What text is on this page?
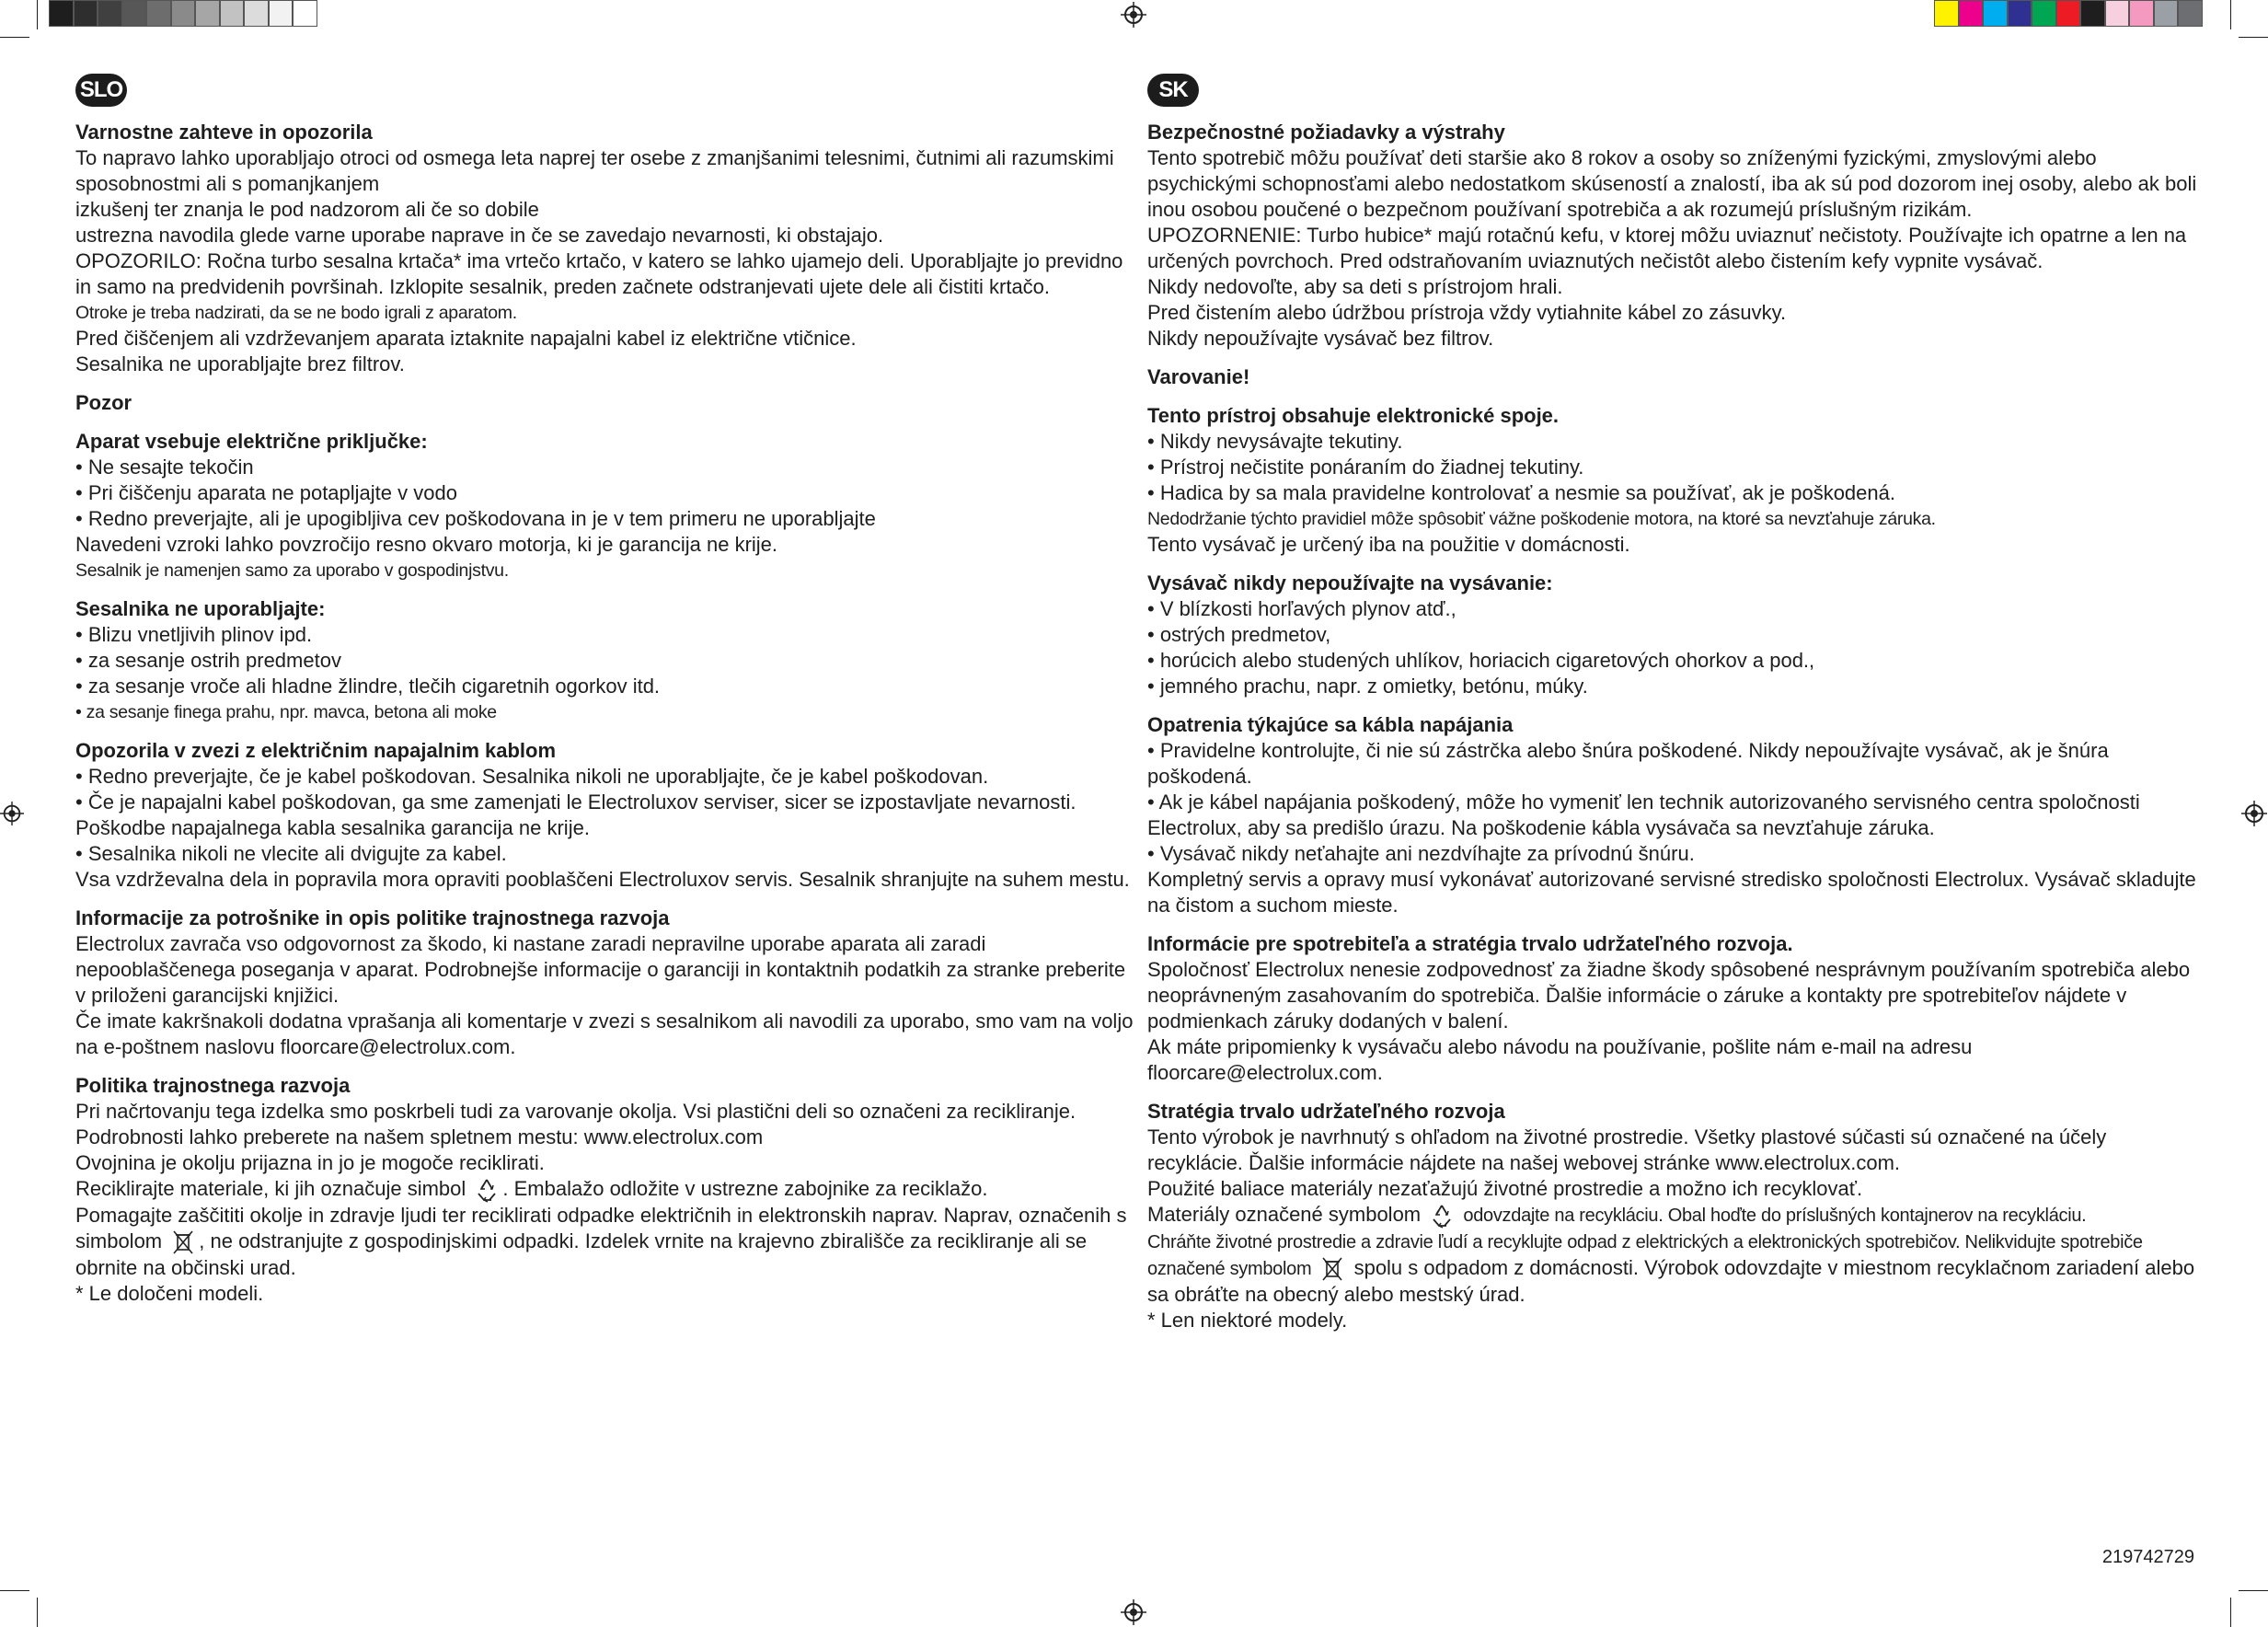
SLO

Varnostne zahteve in opozorila

To napravo lahko uporabljajo otroci od osmega leta naprej ter osebe z zmanjšanimi telesnimi, čutnimi ali razumskimi sposobnostmi ali s pomanjkanjem

izkušenj ter znanja le pod nadzorom ali če so dobile

ustrezna navodila glede varne uporabe naprave in če se zavedajo nevarnosti, ki obstajajo.

OPOZORILO: Ročna turbo sesalna krtača* ima vrtečo krtačo, v katero se lahko ujamejo deli. Uporabljajte jo previdno in samo na predvidenih površinah. Izklopite sesalnik, preden začnete odstranjevati ujete dele ali čistiti krtačo.

Otroke je treba nadzirati, da se ne bodo igrali z aparatom.

Pred čiščenjem ali vzdrževanjem aparata iztaknite napajalni kabel iz električne vtičnice.

Sesalnika ne uporabljajte brez filtrov.

Pozor

Aparat vsebuje električne priključke:

• Ne sesajte tekočin

• Pri čiščenju aparata ne potapljajte v vodo

• Redno preverjajte, ali je upogibljiva cev poškodovana in je v tem primeru ne uporabljajte

Navedeni vzroki lahko povzročijo resno okvaro motorja, ki je garancija ne krije.

Sesalnik je namenjen samo za uporabo v gospodinjstvu.

Sesalnika ne uporabljajte:

• Blizu vnetljivih plinov ipd.

• za sesanje ostrih predmetov

• za sesanje vroče ali hladne žlindre, tlečih cigaretnih ogorkov itd.

• za sesanje finega prahu, npr. mavca, betona ali moke

Opozorila v zvezi z električnim napajalnim kablom

• Redno preverjajte, če je kabel poškodovan. Sesalnika nikoli ne uporabljajte, če je kabel poškodovan.

• Če je napajalni kabel poškodovan, ga sme zamenjati le Electroluxov serviser, sicer se izpostavljate nevarnosti. Poškodbe napajalnega kabla sesalnika garancija ne krije.

• Sesalnika nikoli ne vlecite ali dvigujte za kabel.

Vsa vzdrževalna dela in popravila mora opraviti pooblaščeni Electroluxov servis. Sesalnik shranjujte na suhem mestu.

Informacije za potrošnike in opis politike trajnostnega razvoja

Electrolux zavrača vso odgovornost za škodo, ki nastane zaradi nepravilne uporabe aparata ali zaradi nepooblaščenega poseganja v aparat. Podrobnejše informacije o garanciji in kontaktnih podatkih za stranke preberite v priloženi garancijski knjižici.

Če imate kakršnakoli dodatna vprašanja ali komentarje v zvezi s sesalnikom ali navodili za uporabo, smo vam na voljo na e-poštnem naslovu floorcare@electrolux.com.

Politika trajnostnega razvoja

Pri načrtovanju tega izdelka smo poskrbeli tudi za varovanje okolja. Vsi plastični deli so označeni za recikliranje. Podrobnosti lahko preberete na našem spletnem mestu: www.electrolux.com

Ovojnina je okolju prijazna in jo je mogoče reciklirati.

Reciklirajte materiale, ki jih označuje simbol . Embalažo odložite v ustrezne zabojnike za reciklažo.

Pomagajte zaščititi okolje in zdravje ljudi ter reciklirati odpadke električnih in elektronskih naprav. Naprav, označenih s simbolom , ne odstranjujte z gospodinjskimi odpadki. Izdelek vrnite na krajevno zbirališče za recikliranje ali se obrnite na občinski urad.

* Le določeni modeli.

SK

Bezpečnostné požiadavky a výstrahy

Tento spotrebič môžu používať deti staršie ako 8 rokov a osoby so zníženými fyzickými, zmyslovými alebo psychickými schopnosťami alebo nedostatkom skúseností a znalostí, iba ak sú pod dozorom inej osoby, alebo ak boli inou osobou poučené o bezpečnom používaní spotrebiča a ak rozumejú príslušným rizikám.

UPOZORNENIE: Turbo hubice* majú rotačnú kefu, v ktorej môžu uviaznuť nečistoty. Používajte ich opatrne a len na určených povrchoch. Pred odstraňovaním uviaznutých nečistôt alebo čistením kefy vypnite vysávač.

Nikdy nedovoľte, aby sa deti s prístrojom hrali.

Pred čistením alebo údržbou prístroja vždy vytiahnite kábel zo zásuvky.

Nikdy nepoužívajte vysávač bez filtrov.

Varovanie!

Tento prístroj obsahuje elektronické spoje.

• Nikdy nevysávajte tekutiny.

• Prístroj nečistite ponáraním do žiadnej tekutiny.

• Hadica by sa mala pravidelne kontrolovať a nesmie sa používať, ak je poškodená.

Nedodržanie týchto pravidiel môže spôsobiť vážne poškodenie motora, na ktoré sa nevzťahuje záruka.

Tento vysávač je určený iba na použitie v domácnosti.

Vysávač nikdy nepoužívajte na vysávanie:

• V blízkosti horľavých plynov atď.,

• ostrých predmetov,

• horúcich alebo studených uhlíkov, horiacich cigaretových ohorkov a pod.,

• jemného prachu, napr. z omietky, betónu, múky.

Opatrenia týkajúce sa kábla napájania

• Pravidelne kontrolujte, či nie sú zástrčka alebo šnúra poškodené. Nikdy nepoužívajte vysávač, ak je šnúra poškodená.

• Ak je kábel napájania poškodený, môže ho vymeniť len technik autorizovaného servisného centra spoločnosti Electrolux, aby sa predišlo úrazu. Na poškodenie kábla vysávača sa nevzťahuje záruka.

• Vysávač nikdy neťahajte ani nezdvíhajte za prívodnú šnúru.

Kompletný servis a opravy musí vykonávať autorizované servisné stredisko spoločnosti Electrolux. Vysávač skladujte na čistom a suchom mieste.

Informácie pre spotrebiteľa a stratégia trvalo udržateľného rozvoja.

Spoločnosť Electrolux nenesie zodpovednosť za žiadne škody spôsobené nesprávnym používaním spotrebiča alebo neoprávneným zasahovaním do spotrebiča. Ďalšie informácie o záruke a kontakty pre spotrebiteľov nájdete v podmienkach záruky dodaných v balení.

Ak máte pripomienky k vysávaču alebo návodu na používanie, pošlite nám e-mail na adresu floorcare@electrolux.com.

Stratégia trvalo udržateľného rozvoja

Tento výrobok je navrhnutý s ohľadom na životné prostredie. Všetky plastové súčasti sú označené na účely recyklácie. Ďalšie informácie nájdete na našej webovej stránke www.electrolux.com.

Použité baliace materiály nezaťažujú životné prostredie a možno ich recyklovať.

Materiály označené symbolom odovzdajte na recykláciu. Obal hoďte do príslušných kontajnerov na recykláciu.

Chráňte životné prostredie a zdravie ľudí a recyklujte odpad z elektrických a elektronických spotrebičov. Nelikvidujte spotrebiče označené symbolom spolu s odpadom z domácnosti. Výrobok odovzdajte v miestnom recyklačnom zariadení alebo sa obráťte na obecný alebo mestský úrad.

* Len niektoré modely.

219742729
